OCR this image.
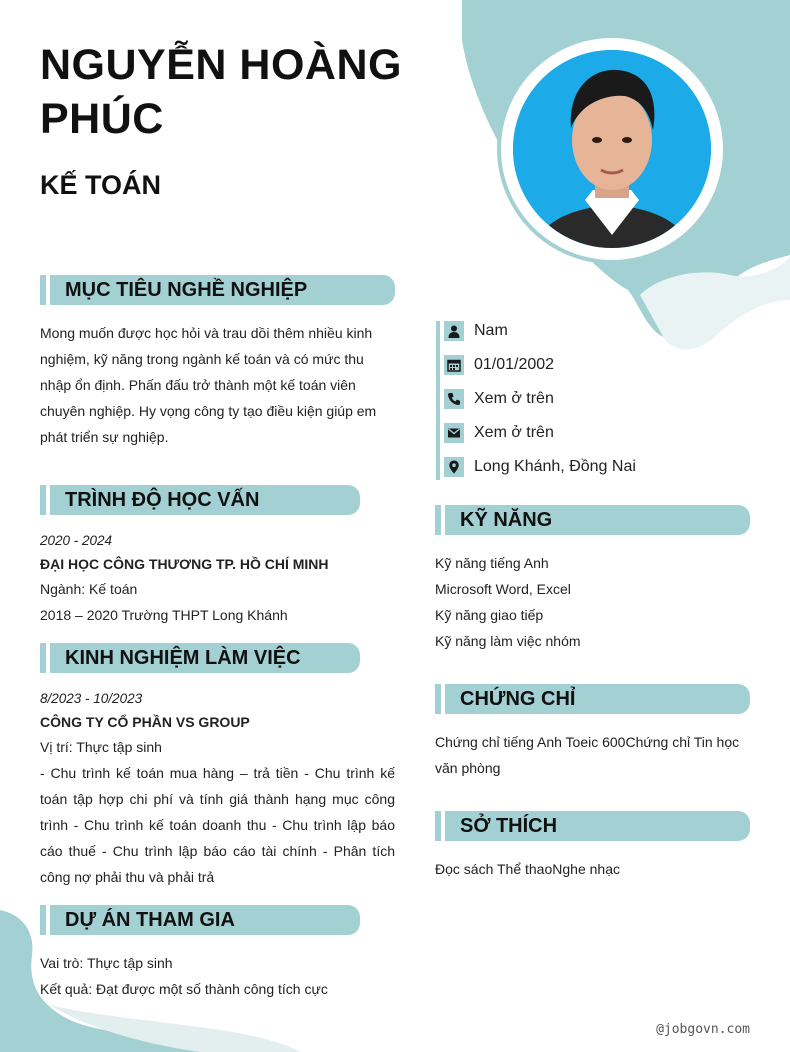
NGUYỄN HOÀNG PHÚC
KẾ TOÁN
MỤC TIÊU NGHỀ NGHIỆP
Mong muốn được học hỏi và trau dồi thêm nhiều kinh nghiệm, kỹ năng trong ngành kế toán và có mức thu nhập ổn định. Phấn đấu trở thành một kế toán viên chuyên nghiệp. Hy vọng công ty tạo điều kiện giúp em phát triển sự nghiệp.
TRÌNH ĐỘ HỌC VẤN
2020 - 2024
ĐẠI HỌC CÔNG THƯƠNG TP. HỒ CHÍ MINH
Ngành: Kế toán
2018 – 2020 Trường THPT Long Khánh
KINH NGHIỆM LÀM VIỆC
8/2023 - 10/2023
CÔNG TY CỔ PHẦN VS GROUP
Vị trí: Thực tập sinh
- Chu trình kế toán mua hàng – trả tiền - Chu trình kế toán tập hợp chi phí và tính giá thành hạng mục công trình - Chu trình kế toán doanh thu - Chu trình lập báo cáo thuế - Chu trình lập báo cáo tài chính - Phân tích công nợ phải thu và phải trả
DỰ ÁN THAM GIA
Vai trò: Thực tập sinh
Kết quả: Đạt được một số thành công tích cực
Nam
01/01/2002
Xem ở trên
Xem ở trên
Long Khánh, Đồng Nai
KỸ NĂNG
Kỹ năng tiếng Anh
Microsoft Word, Excel
Kỹ năng giao tiếp
Kỹ năng làm việc nhóm
CHỨNG CHỈ
Chứng chỉ tiếng Anh Toeic 600Chứng chỉ Tin học văn phòng
SỞ THÍCH
Đọc sách Thể thaoNghe nhạc
@jobgovn.com
